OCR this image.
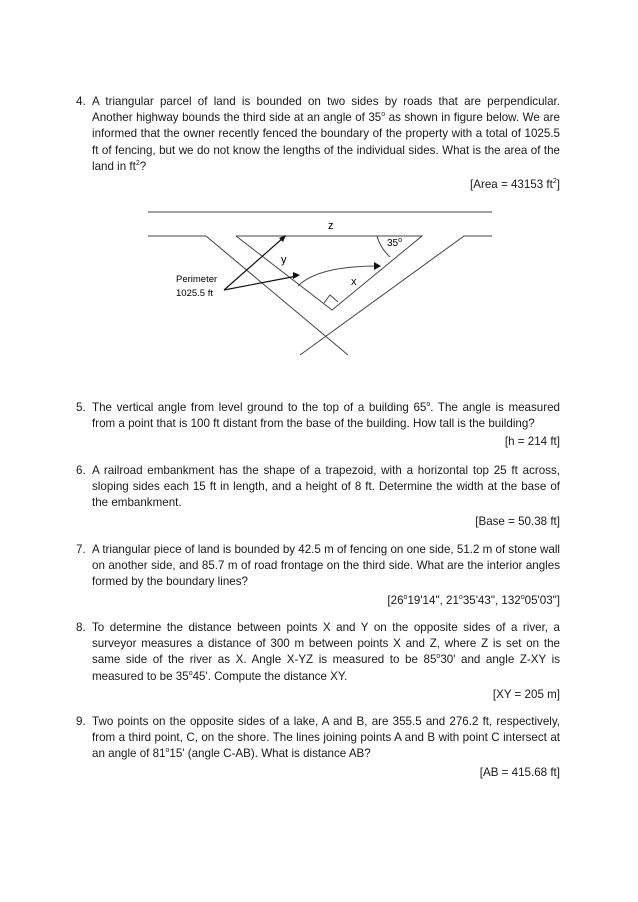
4. A triangular parcel of land is bounded on two sides by roads that are perpendicular. Another highway bounds the third side at an angle of 35$^o$ as shown in figure below. We are informed that the owner recently fenced the boundary of the property with a total of 1025.5 ft of fencing, but we do not know the lengths of the individual sides. What is the area of the land in $ft^2$?
[Area = 43153 $ft^2$]
z
35$^o$
y
x
Perimeter
1025.5 ft
5. The vertical angle from level ground to the top of a building 65$^o$. The angle is measured from a point that is 100 ft distant from the base of the building. How tall is the building?
[h = 214 ft]
6. A railroad embankment has the shape of a trapezoid, with a horizontal top 25 ft across, sloping sides each 15 ft in length, and a height of 8 ft. Determine the width at the base of the embankment.
[Base = 50.38 ft]
7. A triangular piece of land is bounded by 42.5 m of fencing on one side, 51.2 m of stone wall on another side, and 85.7 m of road frontage on the third side. What are the interior angles formed by the boundary lines?
[26$^o$19'14", 21$^o$35'43", 132$^o$05'03"]
8. To determine the distance between points X and Y on the opposite sides of a river, a surveyor measures a distance of 300 m between points X and Z, where Z is set on the same side of the river as X. Angle X-YZ is measured to be 85$^o$30' and angle Z-XY is measured to be 35$^o$45'. Compute the distance XY.
[XY = 205 m]
9. Two points on the opposite sides of a lake, A and B, are 355.5 and 276.2 ft, respectively, from a third point, C, on the shore. The lines joining points A and B with point C intersect at an angle of 81$^o$15' (angle C-AB). What is distance AB?
[AB = 415.68 ft]
